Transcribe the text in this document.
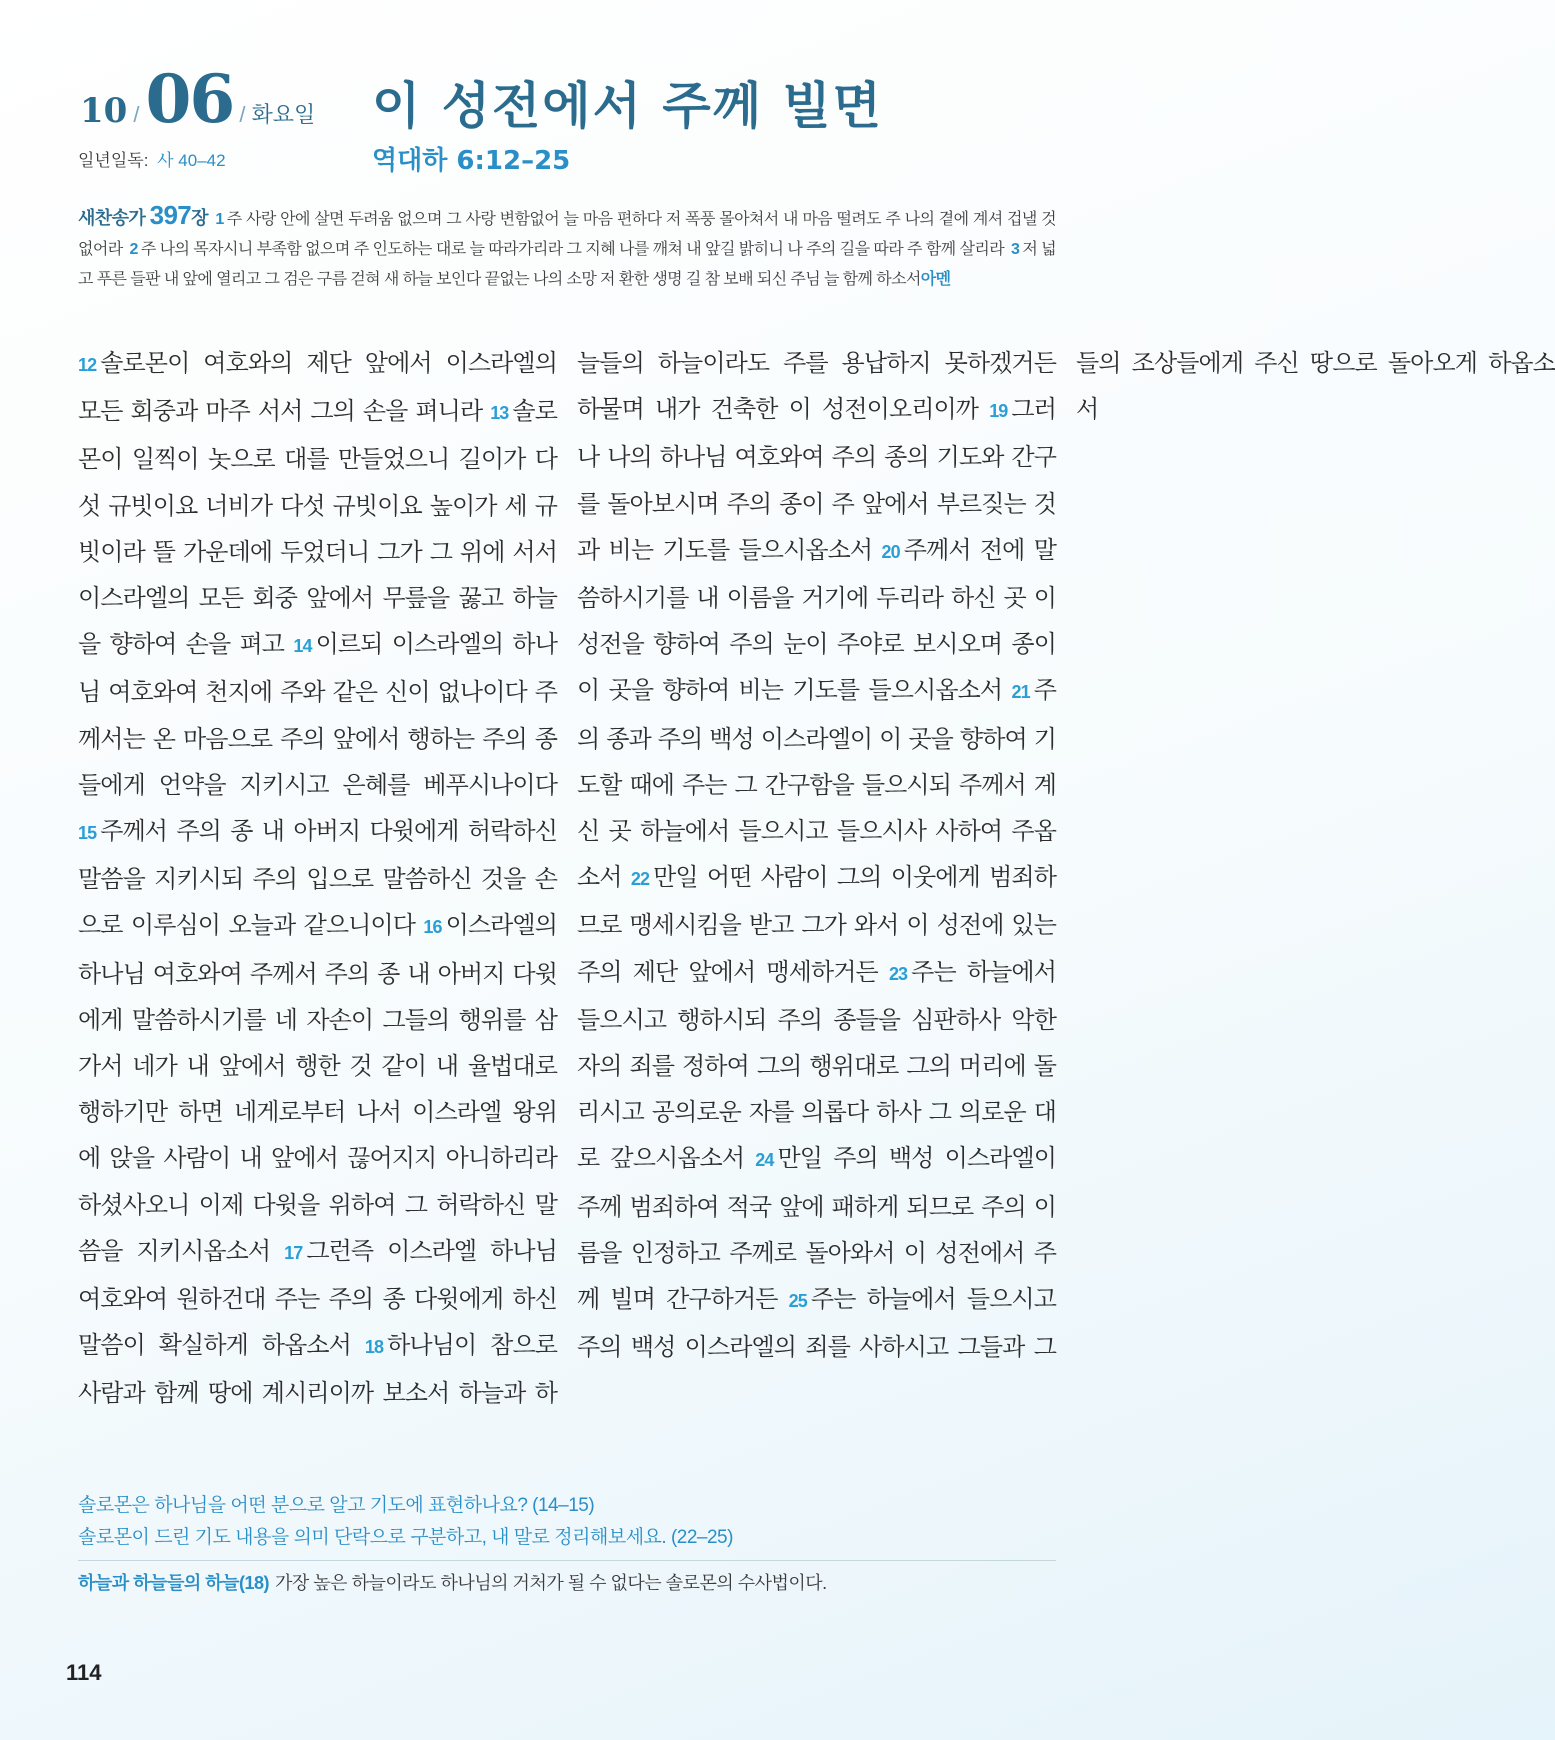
10 / 06 / 화요일
일년일독: 사 40–42
이 성전에서 주께 빌면
역대하 6:12–25
새찬송가 397장 1 주 사랑 안에 살면 두려움 없으며 그 사랑 변함없어 늘 마음 편하다 저 폭풍 몰아쳐서 내 마음 떨려도 주 나의 곁에 계셔 겁낼 것 없어라 2 주 나의 목자시니 부족함 없으며 주 인도하는 대로 늘 따라가리라 그 지혜 나를 깨쳐 내 앞길 밝히니 나 주의 길을 따라 주 함께 살리라 3 저 넓고 푸른 들판 내 앞에 열리고 그 검은 구름 걷혀 새 하늘 보인다 끝없는 나의 소망 저 환한 생명 길 참 보배 되신 주님 늘 함께 하소서아멘
12 솔로몬이 여호와의 제단 앞에서 이스라엘의 모든 회중과 마주 서서 그의 손을 펴니라 13 솔로몬이 일찍이 놋으로 대를 만들었으니 길이가 다섯 규빗이요 너비가 다섯 규빗이요 높이가 세 규빗이라 뜰 가운데에 두었더니 그가 그 위에 서서 이스라엘의 모든 회중 앞에서 무릎을 꿇고 하늘을 향하여 손을 펴고 14 이르되 이스라엘의 하나님 여호와여 천지에 주와 같은 신이 없나이다 주께서는 온 마음으로 주의 앞에서 행하는 주의 종들에게 언약을 지키시고 은혜를 베푸시나이다 15 주께서 주의 종 내 아버지 다윗에게 허락하신 말씀을 지키시되 주의 입으로 말씀하신 것을 손으로 이루심이 오늘과 같으니이다 16 이스라엘의 하나님 여호와여 주께서 주의 종 내 아버지 다윗에게 말씀하시기를 네 자손이 그들의 행위를 삼가서 네가 내 앞에서 행한 것 같이 내 율법대로 행하기만 하면 네게로부터 나서 이스라엘 왕위에 앉을 사람이 내 앞에서 끊어지지 아니하리라 하셨사오니 이제 다윗을 위하여 그 허락하신 말씀을 지키시옵소서 17 그런즉 이스라엘 하나님 여호와여 원하건대 주는 주의 종 다윗에게 하신 말씀이 확실하게 하옵소서 18 하나님이 참으로 사람과 함께 땅에 계시리이까 보소서 하늘과 하늘들의 하늘이라도 주를 용납하지 못하겠거든 하물며 내가 건축한 이 성전이오리이까 19 그러나 나의 하나님 여호와여 주의 종의 기도와 간구를 돌아보시며 주의 종이 주 앞에서 부르짖는 것과 비는 기도를 들으시옵소서 20 주께서 전에 말씀하시기를 내 이름을 거기에 두리라 하신 곳 이 성전을 향하여 주의 눈이 주야로 보시오며 종이 이 곳을 향하여 비는 기도를 들으시옵소서 21 주의 종과 주의 백성 이스라엘이 이 곳을 향하여 기도할 때에 주는 그 간구함을 들으시되 주께서 계신 곳 하늘에서 들으시고 들으시사 사하여 주옵소서 22 만일 어떤 사람이 그의 이웃에게 범죄하므로 맹세시킴을 받고 그가 와서 이 성전에 있는 주의 제단 앞에서 맹세하거든 23 주는 하늘에서 들으시고 행하시되 주의 종들을 심판하사 악한 자의 죄를 정하여 그의 행위대로 그의 머리에 돌리시고 공의로운 자를 의롭다 하사 그 의로운 대로 갚으시옵소서 24 만일 주의 백성 이스라엘이 주께 범죄하여 적국 앞에 패하게 되므로 주의 이름을 인정하고 주께로 돌아와서 이 성전에서 주께 빌며 간구하거든 25 주는 하늘에서 들으시고 주의 백성 이스라엘의 죄를 사하시고 그들과 그들의 조상들에게 주신 땅으로 돌아오게 하옵소서
솔로몬은 하나님을 어떤 분으로 알고 기도에 표현하나요? (14–15)
솔로몬이 드린 기도 내용을 의미 단락으로 구분하고, 내 말로 정리해보세요. (22–25)
하늘과 하늘들의 하늘(18) 가장 높은 하늘이라도 하나님의 거처가 될 수 없다는 솔로몬의 수사법이다.
114
